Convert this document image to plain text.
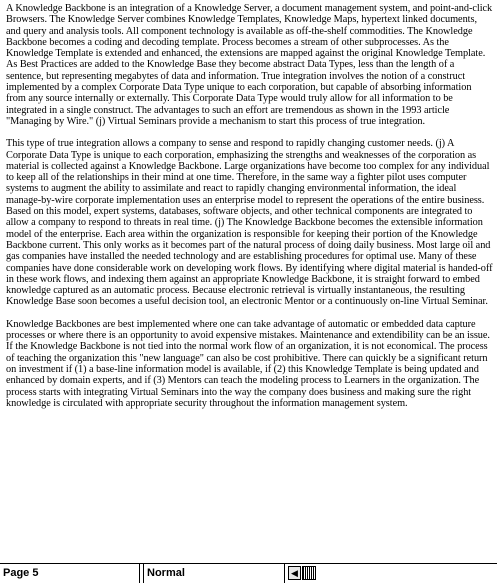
A Knowledge Backbone is an integration of a Knowledge Server, a document management system, and point-and-click Browsers. The Knowledge Server combines Knowledge Templates, Knowledge Maps, hypertext linked documents, and query and analysis tools. All component technology is available as off-the-shelf commodities. The Knowledge Backbone becomes a coding and decoding template. Process becomes a stream of other subprocesses. As the Knowledge Template is extended and enhanced, the extensions are mapped against the original Knowledge Template. As Best Practices are added to the Knowledge Base they become abstract Data Types, less than the length of a sentence, but representing megabytes of data and information. True integration involves the notion of a construct implemented by a complex Corporate Data Type unique to each corporation, but capable of absorbing information from any source internally or externally. This Corporate Data Type would truly allow for all information to be integrated in a single construct. The advantages to such an effort are tremendous as shown in the 1993 article "Managing by Wire." (j) Virtual Seminars provide a mechanism to start this process of true integration.

This type of true integration allows a company to sense and respond to rapidly changing customer needs. (j) A Corporate Data Type is unique to each corporation, emphasizing the strengths and weaknesses of the corporation as material is collected against a Knowledge Backbone. Large organizations have become too complex for any individual to keep all of the relationships in their mind at one time. Therefore, in the same way a fighter pilot uses computer systems to augment the ability to assimilate and react to rapidly changing environmental information, the ideal manage-by-wire corporate implementation uses an enterprise model to represent the operations of the entire business. Based on this model, expert systems, databases, software objects, and other technical components are integrated to allow a company to respond to threats in real time. (j) The Knowledge Backbone becomes the extensible information model of the enterprise. Each area within the organization is responsible for keeping their portion of the Knowledge Backbone current. This only works as it becomes part of the natural process of doing daily business. Most large oil and gas companies have installed the needed technology and are establishing procedures for optimal use. Many of these companies have done considerable work on developing work flows. By identifying where digital material is handed-off in these work flows, and indexing them against an appropriate Knowledge Backbone, it is straight forward to embed knowledge captured as an automatic process. Because electronic retrieval is virtually instantaneous, the resulting Knowledge Base soon becomes a useful decision tool, an electronic Mentor or a continuously on-line Virtual Seminar.

Knowledge Backbones are best implemented where one can take advantage of automatic or embedded data capture processes or where there is an opportunity to avoid expensive mistakes. Maintenance and extendibility can be an issue. If the Knowledge Backbone is not tied into the normal work flow of an organization, it is not economical. The process of teaching the organization this "new language" can also be cost prohibitive. There can quickly be a significant return on investment if (1) a base-line information model is available, if (2) this Knowledge Template is being updated and enhanced by domain experts, and if (3) Mentors can teach the modeling process to Learners in the organization. The process starts with integrating Virtual Seminars into the way the company does business and making sure the right knowledge is circulated with appropriate security throughout the information management system.

Page 5	Normal	◀
